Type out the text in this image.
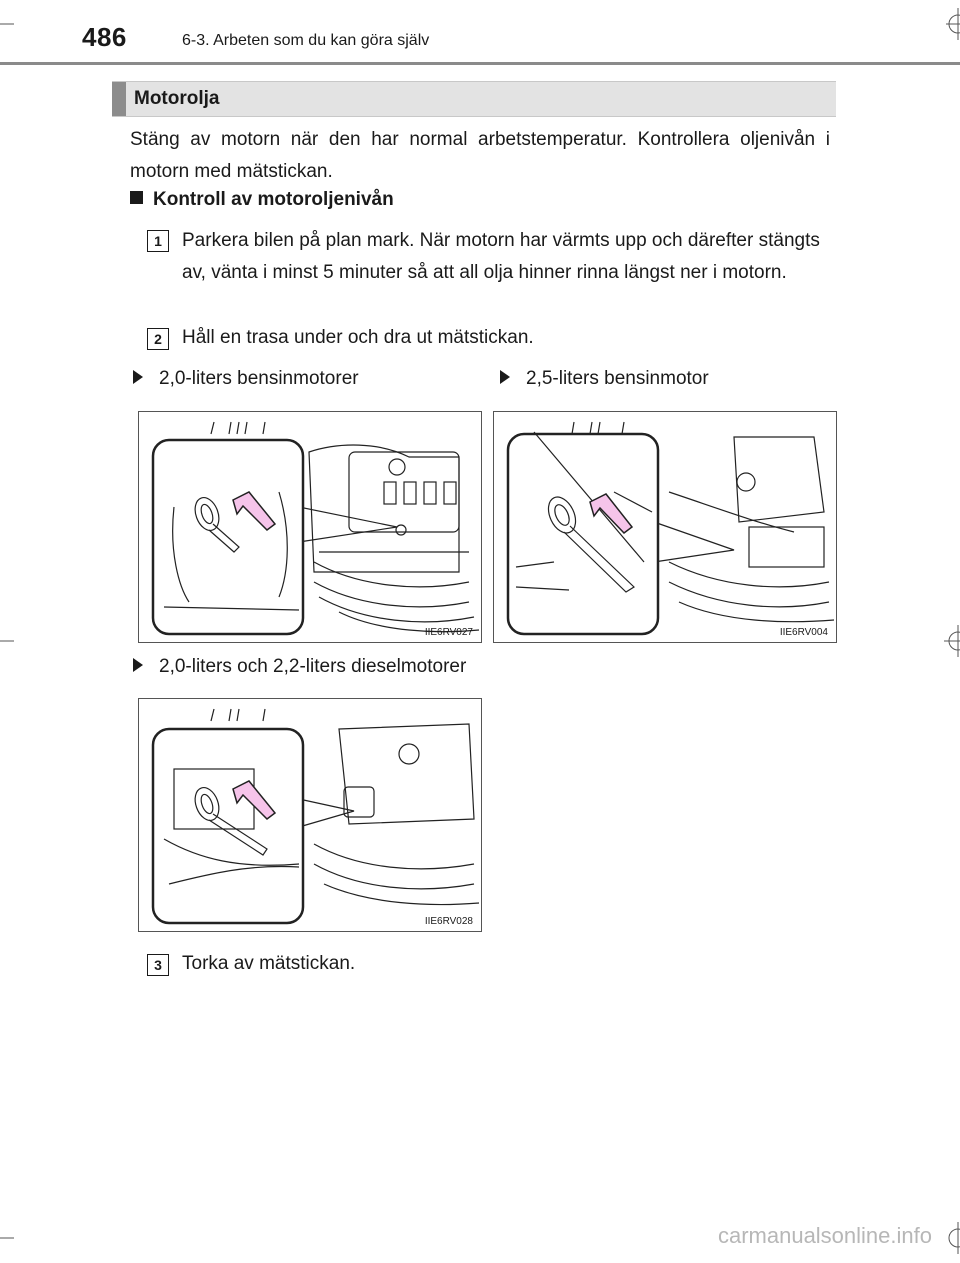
486	6-3. Arbeten som du kan göra själv
Motorolja
Stäng av motorn när den har normal arbetstemperatur. Kontrollera oljenivån i motorn med mätstickan.
Kontroll av motoroljenivån
1	Parkera bilen på plan mark. När motorn har värmts upp och därefter stängts av, vänta i minst 5 minuter så att all olja hinner rinna längst ner i motorn.
2	Håll en trasa under och dra ut mätstickan.
2,0-liters bensinmotorer	2,5-liters bensinmotor
IIE6RV027	IIE6RV004
2,0-liters och 2,2-liters dieselmotorer
IIE6RV028
3	Torka av mätstickan.
carmanualsonline.info
